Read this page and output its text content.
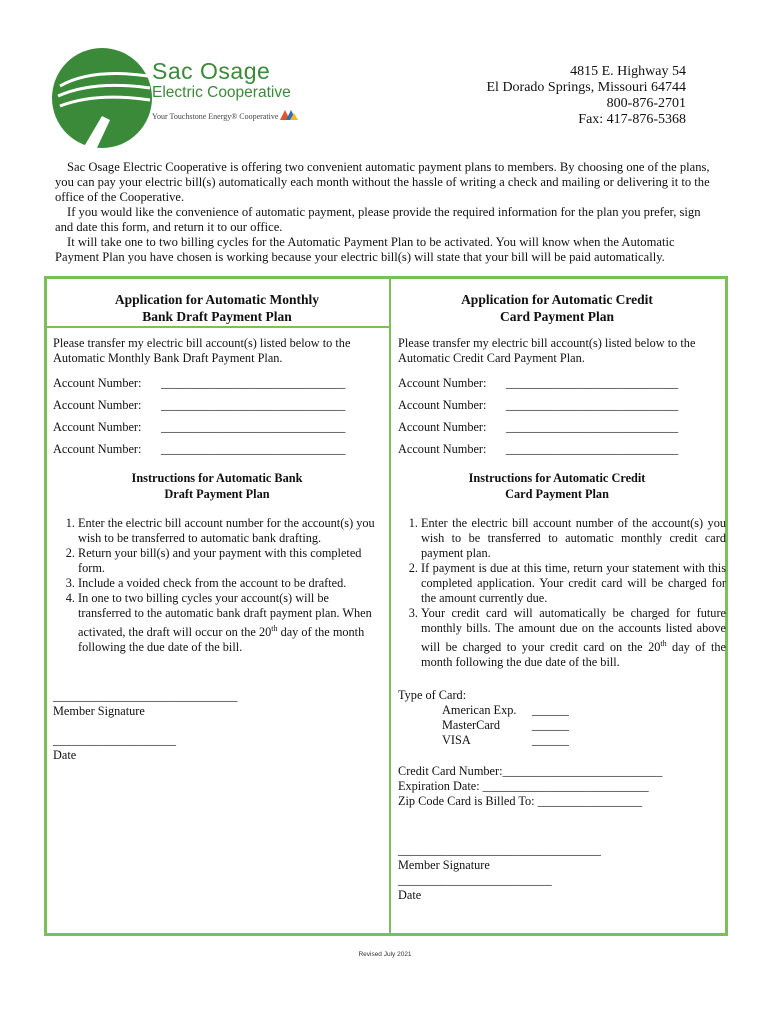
Sac Osage
Electric Cooperative
Your Touchstone Energy® Cooperative
4815 E. Highway 54
El Dorado Springs, Missouri 64744
800-876-2701
Fax: 417-876-5368

Sac Osage Electric Cooperative is offering two convenient automatic payment plans to members. By choosing one of the plans, you can pay your electric bill(s) automatically each month without the hassle of writing a check and mailing or delivering it to the office of the Cooperative.

If you would like the convenience of automatic payment, please provide the required information for the plan you prefer, sign and date this form, and return it to our office.

It will take one to two billing cycles for the Automatic Payment Plan to be activated. You will know when the Automatic Payment Plan you have chosen is working because your electric bill(s) will state that your bill will be paid automatically.

Application for Automatic Monthly
Bank Draft Payment Plan
Please transfer my electric bill account(s) listed below to the Automatic Monthly Bank Draft Payment Plan.
Account Number:	______________________________
Account Number:	______________________________
Account Number:	______________________________
Account Number:	______________________________
Instructions for Automatic Bank
Draft Payment Plan
1. Enter the electric bill account number for the account(s) you wish to be transferred to automatic bank drafting.
2. Return your bill(s) and your payment with this completed form.
3. Include a voided check from the account to be drafted.
4. In one to two billing cycles your account(s) will be transferred to the automatic bank draft payment plan. When activated, the draft will occur on the 20th day of the month following the due date of the bill.
______________________________
Member Signature
____________________
Date
Application for Automatic Credit
Card Payment Plan
Please transfer my electric bill account(s) listed below to the Automatic Credit Card Payment Plan.
Account Number:	____________________________
Account Number:	____________________________
Account Number:	____________________________
Account Number:	____________________________
Instructions for Automatic Credit
Card Payment Plan
1. Enter the electric bill account number of the account(s) you wish to be transferred to automatic monthly credit card payment plan.
2. If payment is due at this time, return your statement with this completed application. Your credit card will be charged for the amount currently due.
3. Your credit card will automatically be charged for future monthly bills. The amount due on the accounts listed above will be charged to your credit card on the 20th day of the month following the due date of the bill.
Type of Card:
American Exp.	______
MasterCard	______
VISA	______
Credit Card Number:__________________________
Expiration Date: ___________________________
Zip Code Card is Billed To: _________________
_________________________________
Member Signature
_________________________
Date
Revised July 2021
